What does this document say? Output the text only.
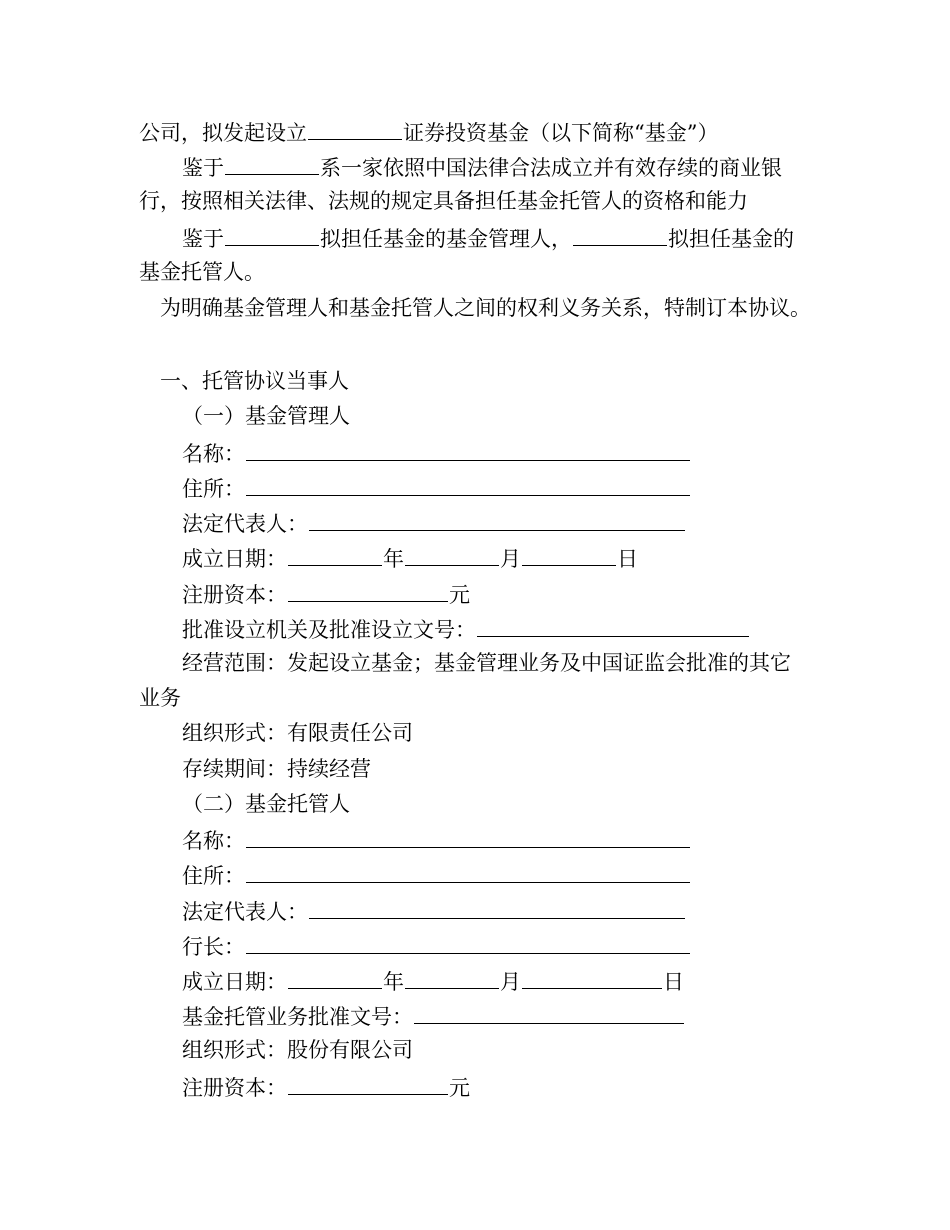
公司，拟发起设立	证券投资基金（以下简称“基金”）
鉴于	系一家依照中国法律合法成立并有效存续的商业银
行，按照相关法律、法规的规定具备担任基金托管人的资格和能力
鉴于	拟担任基金的基金管理人，	拟担任基金的
基金托管人。
为明确基金管理人和基金托管人之间的权利义务关系，特制订本协议。
一、托管协议当事人
（一）基金管理人
名称：
住所：
法定代表人：
成立日期：	年	月	日
注册资本：	元
批准设立机关及批准设立文号：
经营范围：发起设立基金；基金管理业务及中国证监会批准的其它
业务
组织形式：有限责任公司
存续期间：持续经营
（二）基金托管人
名称：
住所：
法定代表人：
行长：
成立日期：	年	月	日
基金托管业务批准文号：
组织形式：股份有限公司
注册资本：	元
